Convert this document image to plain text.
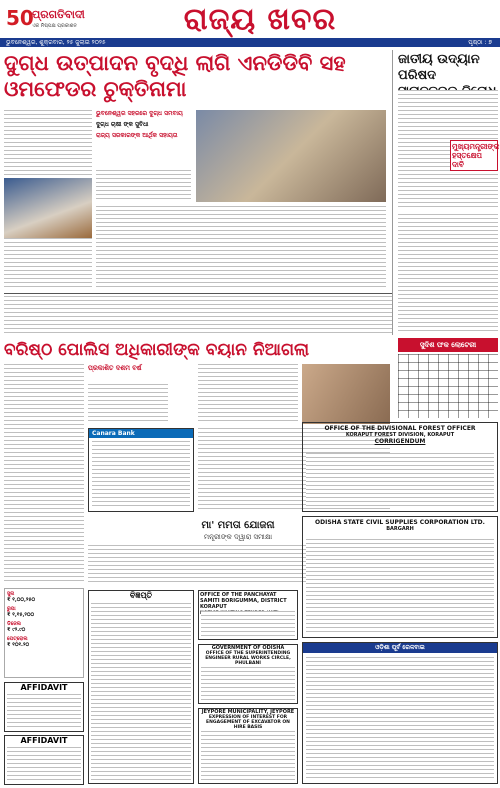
50
ପ୍ରଗତିବାଦୀ
ଏକ ନିଷ୍ପକ୍ଷ ପ୍ରକାଶନ	ରାଜ୍ୟ ଖବର
ଭୁବନେଶ୍ୱର, ଶୁକ୍ରବାର, ୨୫ ଜୁଲାଇ ୨୦୨୫	ପୃଷ୍ଠା : ୭
ଦୁଗ୍ଧ ଉତ୍ପାଦନ ବୃଦ୍ଧି ଲାଗି ଏନଡିଡିବି ସହ ଓମଫେଡର ଚୁକ୍ତିନାମା
ଭୁବନେଶ୍ୱର ସହରରେ ଦୁଗ୍ଧ ସମବାୟ
ଦୁଗ୍ଧ ଚାଷୀ ଙ୍କ ସୁବିଧା
ରାଜ୍ୟ ସରକାରଙ୍କ ଆର୍ଥିକ ସହାୟତା
ଜାତୀୟ ଉଦ୍ୟାନ ପରିଷଦ
ମୁଖ୍ୟମନ୍ତ୍ରୀଙ୍କ ହସ୍ତକ୍ଷେପ ଦାବି
ସୁଦିଶ ଫକ ଲୋଟେରୀ
ବରିଷ୍ଠ ପୋଲିସ ଅଧିକାରୀଙ୍କ ବୟାନ ନିଆଗଲା
ପ୍ରକାଶିତ ଦଶମ ବର୍ଷ
Canara Bank
ମା' ମମତା ଯୋଜନା
ମନ୍ତ୍ରୀଙ୍କ ଦ୍ୱାରା ସମୀକ୍ଷା
ସୁନା
₹ ୧,୦୦,୨୫୦
ରୁପା
₹ ୧,୧୫,୨୦୦
ଡିଜେଲ
₹ ୯୨.୯୦
ପେଟ୍ରୋଲ
₹ ୧୦୧.୨୦
AFFIDAVIT
AFFIDAVIT
OFFICE OF THE PANCHAYAT SAMITI BORIGUMMA, DISTRICT KORAPUT
GOVERNMENT OF ODISHA
OFFICE OF THE SUPERINTENDING ENGINEER RURAL WORKS CIRCLE, PHULBANI
JEYPORE MUNICIPALITY, JEYPORE
EXPRESSION OF INTEREST FOR ENGAGEMENT OF EXCAVATOR ON HIRE BASIS
ବିଜ୍ଞପ୍ତି
OFFICE OF THE DIVISIONAL FOREST OFFICER
KORAPUT FOREST DIVISION, KORAPUT
CORRIGENDUM
ODISHA STATE CIVIL SUPPLIES CORPORATION LTD.
BARGARH
ଓଡ଼ିଶା ପୂର୍ବ ରେଳବାଇ
